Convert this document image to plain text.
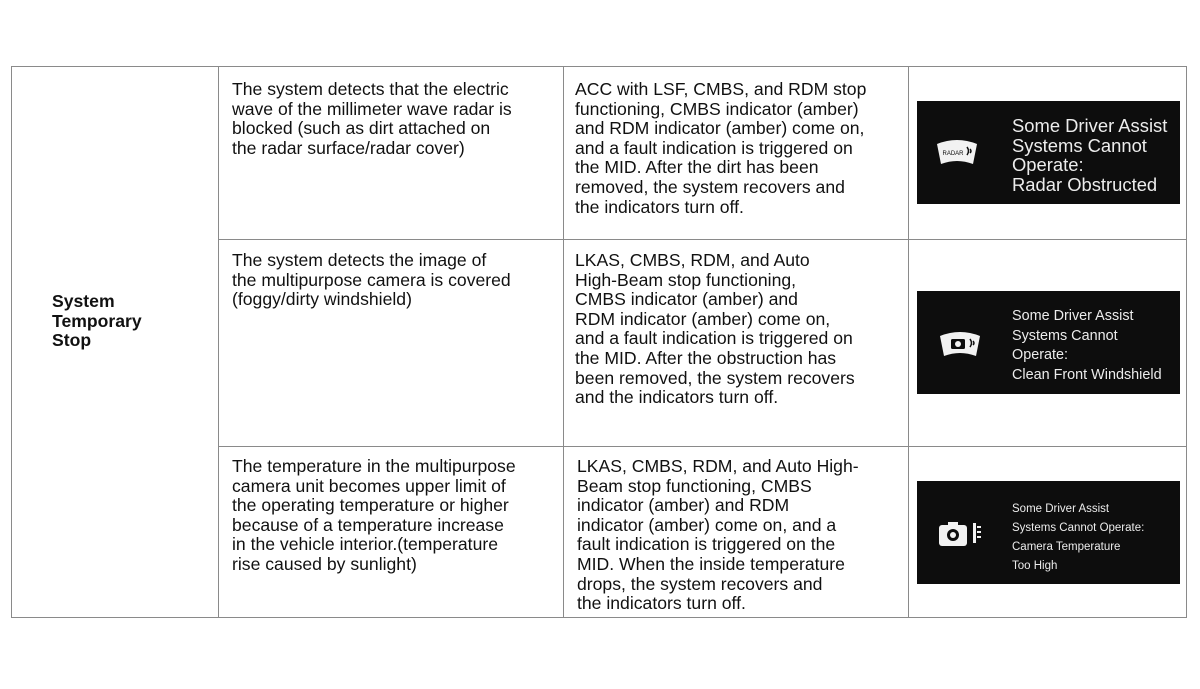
System
Temporary
Stop
The system detects that the electric
wave of the millimeter wave radar is
blocked (such as dirt attached on
the radar surface/radar cover)
ACC with LSF, CMBS, and RDM stop
functioning, CMBS indicator (amber)
and RDM indicator (amber) come on,
and a fault indication is triggered on
the MID. After the dirt has been
removed, the system recovers and
the indicators turn off.
RADAR
Some Driver Assist
Systems Cannot
Operate:
Radar Obstructed
The system detects the image of
the multipurpose camera is covered
(foggy/dirty windshield)
LKAS, CMBS, RDM, and Auto
High-Beam stop functioning,
CMBS indicator (amber) and
RDM indicator (amber) come on,
and a fault indication is triggered on
the MID. After the obstruction has
been removed, the system recovers
and the indicators turn off.
Some Driver Assist
Systems Cannot
Operate:
Clean Front Windshield
The temperature in the multipurpose
camera unit becomes upper limit of
the operating temperature or higher
because of a temperature increase
in the vehicle interior.(temperature
rise caused by sunlight)
LKAS, CMBS, RDM, and Auto High-
Beam stop functioning, CMBS
indicator (amber) and RDM
indicator (amber) come on, and a
fault indication is triggered on the
MID. When the inside temperature
drops, the system recovers and
the indicators turn off.
Some Driver Assist
Systems Cannot Operate:
Camera Temperature
Too High
